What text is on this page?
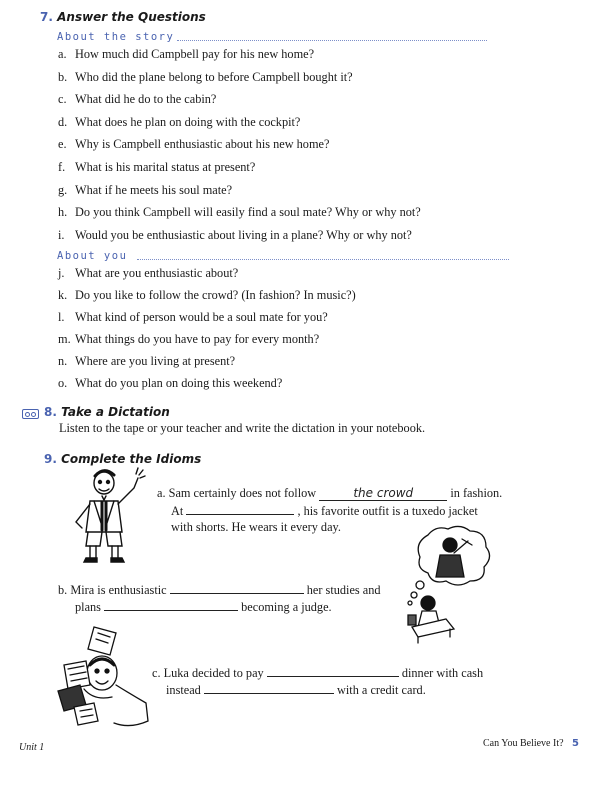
7. Answer the Questions
About the story
a. How much did Campbell pay for his new home?
b. Who did the plane belong to before Campbell bought it?
c. What did he do to the cabin?
d. What does he plan on doing with the cockpit?
e. Why is Campbell enthusiastic about his new home?
f. What is his marital status at present?
g. What if he meets his soul mate?
h. Do you think Campbell will easily find a soul mate? Why or why not?
i. Would you be enthusiastic about living in a plane? Why or why not?
About you
j. What are you enthusiastic about?
k. Do you like to follow the crowd? (In fashion? In music?)
l. What kind of person would be a soul mate for you?
m. What things do you have to pay for every month?
n. Where are you living at present?
o. What do you plan on doing this weekend?
8. Take a Dictation
Listen to the tape or your teacher and write the dictation in your notebook.
9. Complete the Idioms
a. Sam certainly does not follow	the crowd	in fashion.
At	, his favorite outfit is a tuxedo jacket
with shorts. He wears it every day.
b. Mira is enthusiastic	her studies and
plans	becoming a judge.
c. Luka decided to pay	dinner with cash
instead	with a credit card.
Unit 1	Can You Believe It? 5
